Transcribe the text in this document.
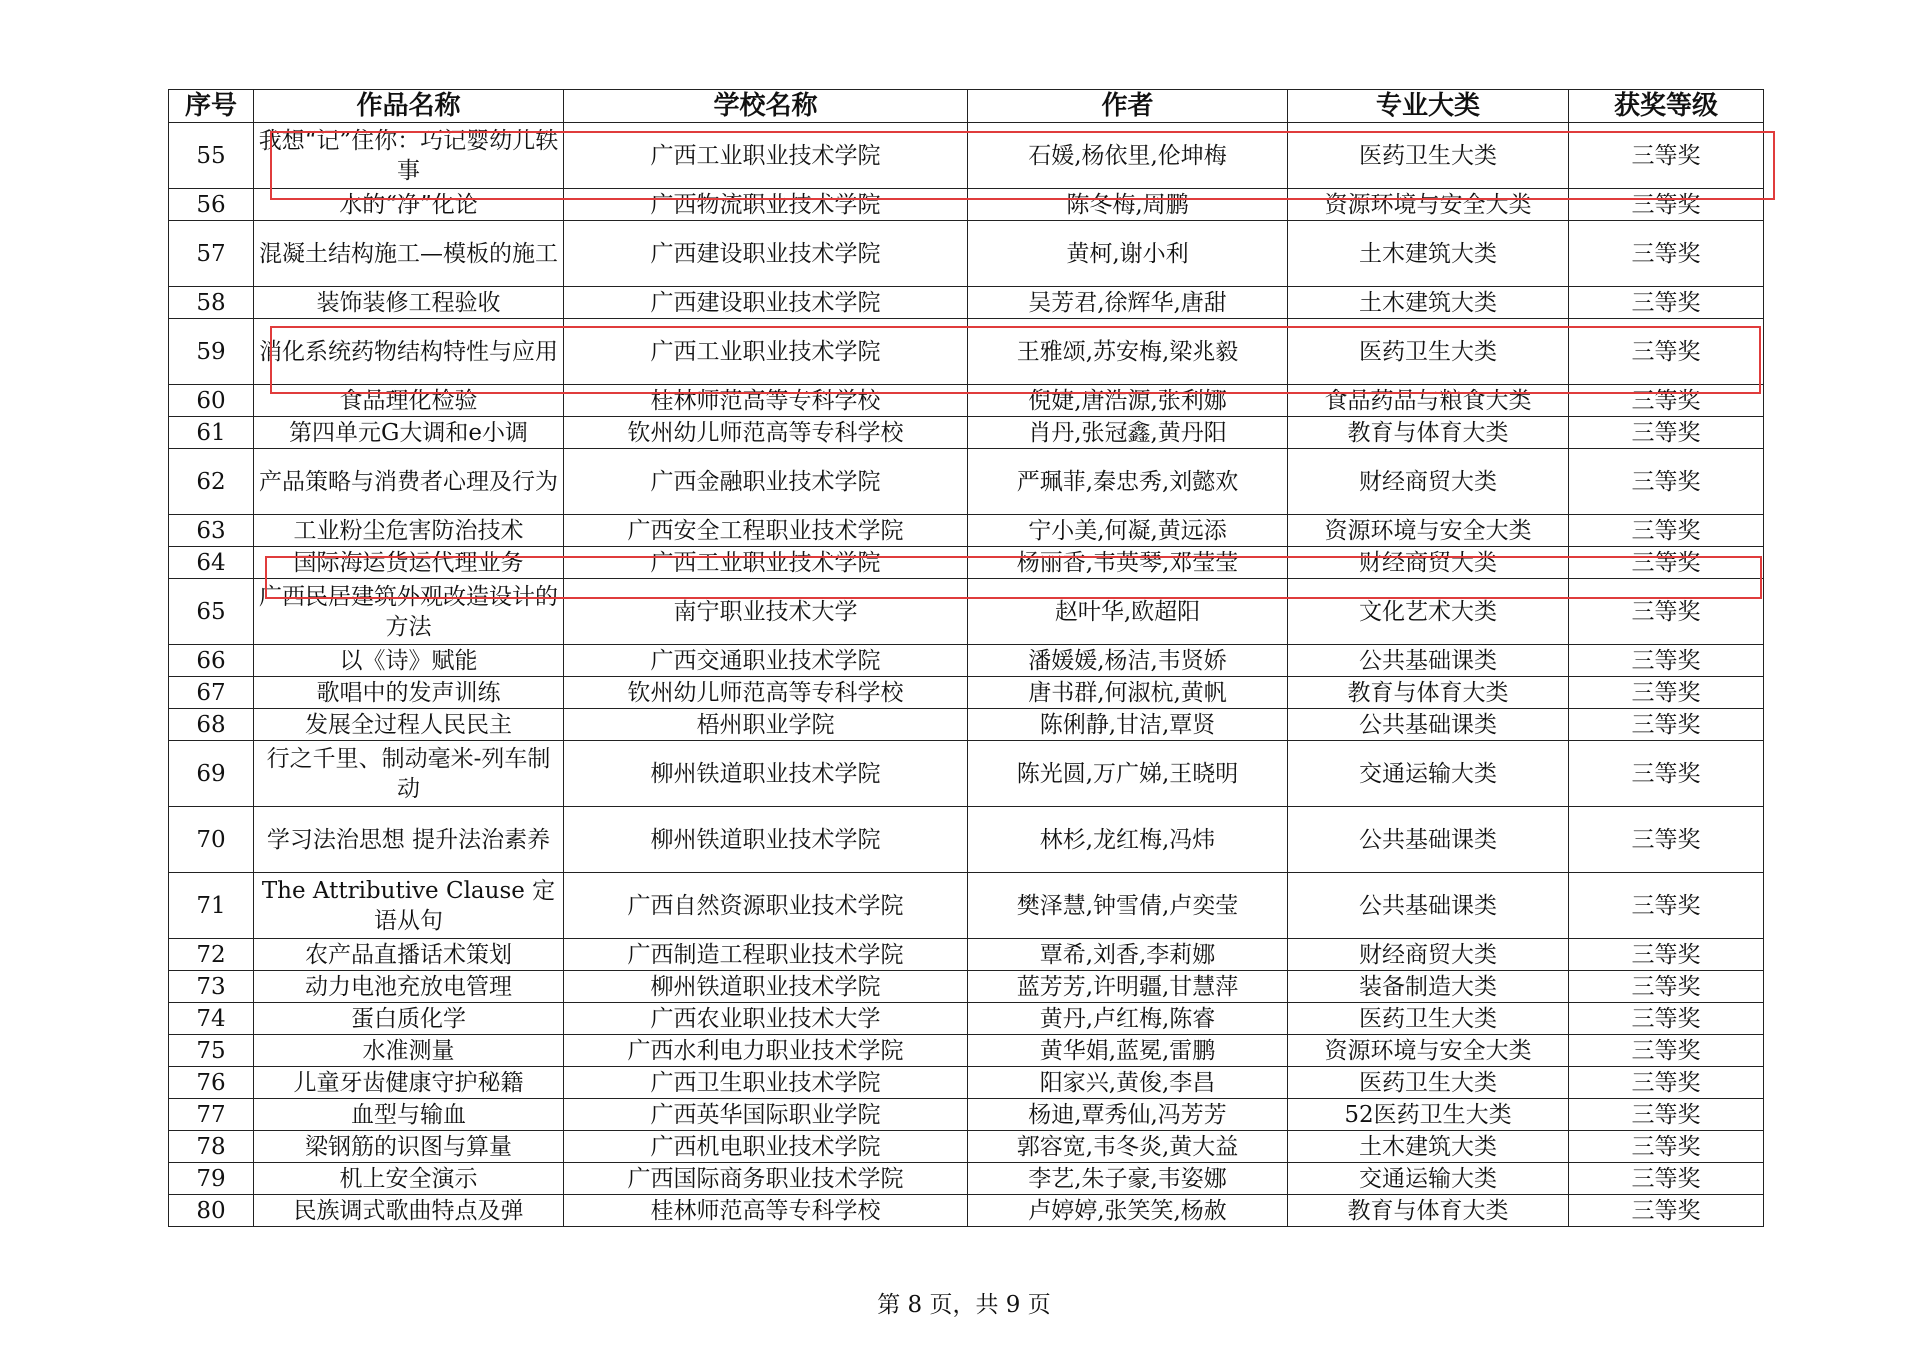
序号	作品名称	学校名称	作者	专业大类	获奖等级
55	我想“记”住你：巧记婴幼儿轶事	广西工业职业技术学院	石媛,杨依里,伦坤梅	医药卫生大类	三等奖
56	水的“净”化论	广西物流职业技术学院	陈冬梅,周鹏	资源环境与安全大类	三等奖
57	混凝土结构施工—模板的施工	广西建设职业技术学院	黄柯,谢小利	土木建筑大类	三等奖
58	装饰装修工程验收	广西建设职业技术学院	吴芳君,徐辉华,唐甜	土木建筑大类	三等奖
59	消化系统药物结构特性与应用	广西工业职业技术学院	王雅颂,苏安梅,梁兆毅	医药卫生大类	三等奖
60	食品理化检验	桂林师范高等专科学校	倪婕,唐浩源,张利娜	食品药品与粮食大类	三等奖
61	第四单元G大调和e小调	钦州幼儿师范高等专科学校	肖丹,张冠鑫,黄丹阳	教育与体育大类	三等奖
62	产品策略与消费者心理及行为	广西金融职业技术学院	严珮菲,秦忠秀,刘懿欢	财经商贸大类	三等奖
63	工业粉尘危害防治技术	广西安全工程职业技术学院	宁小美,何凝,黄远添	资源环境与安全大类	三等奖
64	国际海运货运代理业务	广西工业职业技术学院	杨丽香,韦英琴,邓莹莹	财经商贸大类	三等奖
65	广西民居建筑外观改造设计的方法	南宁职业技术大学	赵叶华,欧超阳	文化艺术大类	三等奖
66	以《诗》赋能	广西交通职业技术学院	潘媛媛,杨洁,韦贤娇	公共基础课类	三等奖
67	歌唱中的发声训练	钦州幼儿师范高等专科学校	唐书群,何淑杭,黄帆	教育与体育大类	三等奖
68	发展全过程人民民主	梧州职业学院	陈俐静,甘洁,覃贤	公共基础课类	三等奖
69	行之千里、制动毫米-列车制动	柳州铁道职业技术学院	陈光圆,万广娣,王晓明	交通运输大类	三等奖
70	学习法治思想 提升法治素养	柳州铁道职业技术学院	林杉,龙红梅,冯炜	公共基础课类	三等奖
71	The Attributive Clause 定语从句	广西自然资源职业技术学院	樊泽慧,钟雪倩,卢奕莹	公共基础课类	三等奖
72	农产品直播话术策划	广西制造工程职业技术学院	覃希,刘香,李莉娜	财经商贸大类	三等奖
73	动力电池充放电管理	柳州铁道职业技术学院	蓝芳芳,许明疆,甘慧萍	装备制造大类	三等奖
74	蛋白质化学	广西农业职业技术大学	黄丹,卢红梅,陈睿	医药卫生大类	三等奖
75	水准测量	广西水利电力职业技术学院	黄华娟,蓝冕,雷鹏	资源环境与安全大类	三等奖
76	儿童牙齿健康守护秘籍	广西卫生职业技术学院	阳家兴,黄俊,李昌	医药卫生大类	三等奖
77	血型与输血	广西英华国际职业学院	杨迪,覃秀仙,冯芳芳	52医药卫生大类	三等奖
78	梁钢筋的识图与算量	广西机电职业技术学院	郭容宽,韦冬炎,黄大益	土木建筑大类	三等奖
79	机上安全演示	广西国际商务职业技术学院	李艺,朱子豪,韦姿娜	交通运输大类	三等奖
80	民族调式歌曲特点及弹	桂林师范高等专科学校	卢婷婷,张笑笑,杨赦	教育与体育大类	三等奖
第 8 页，共 9 页
